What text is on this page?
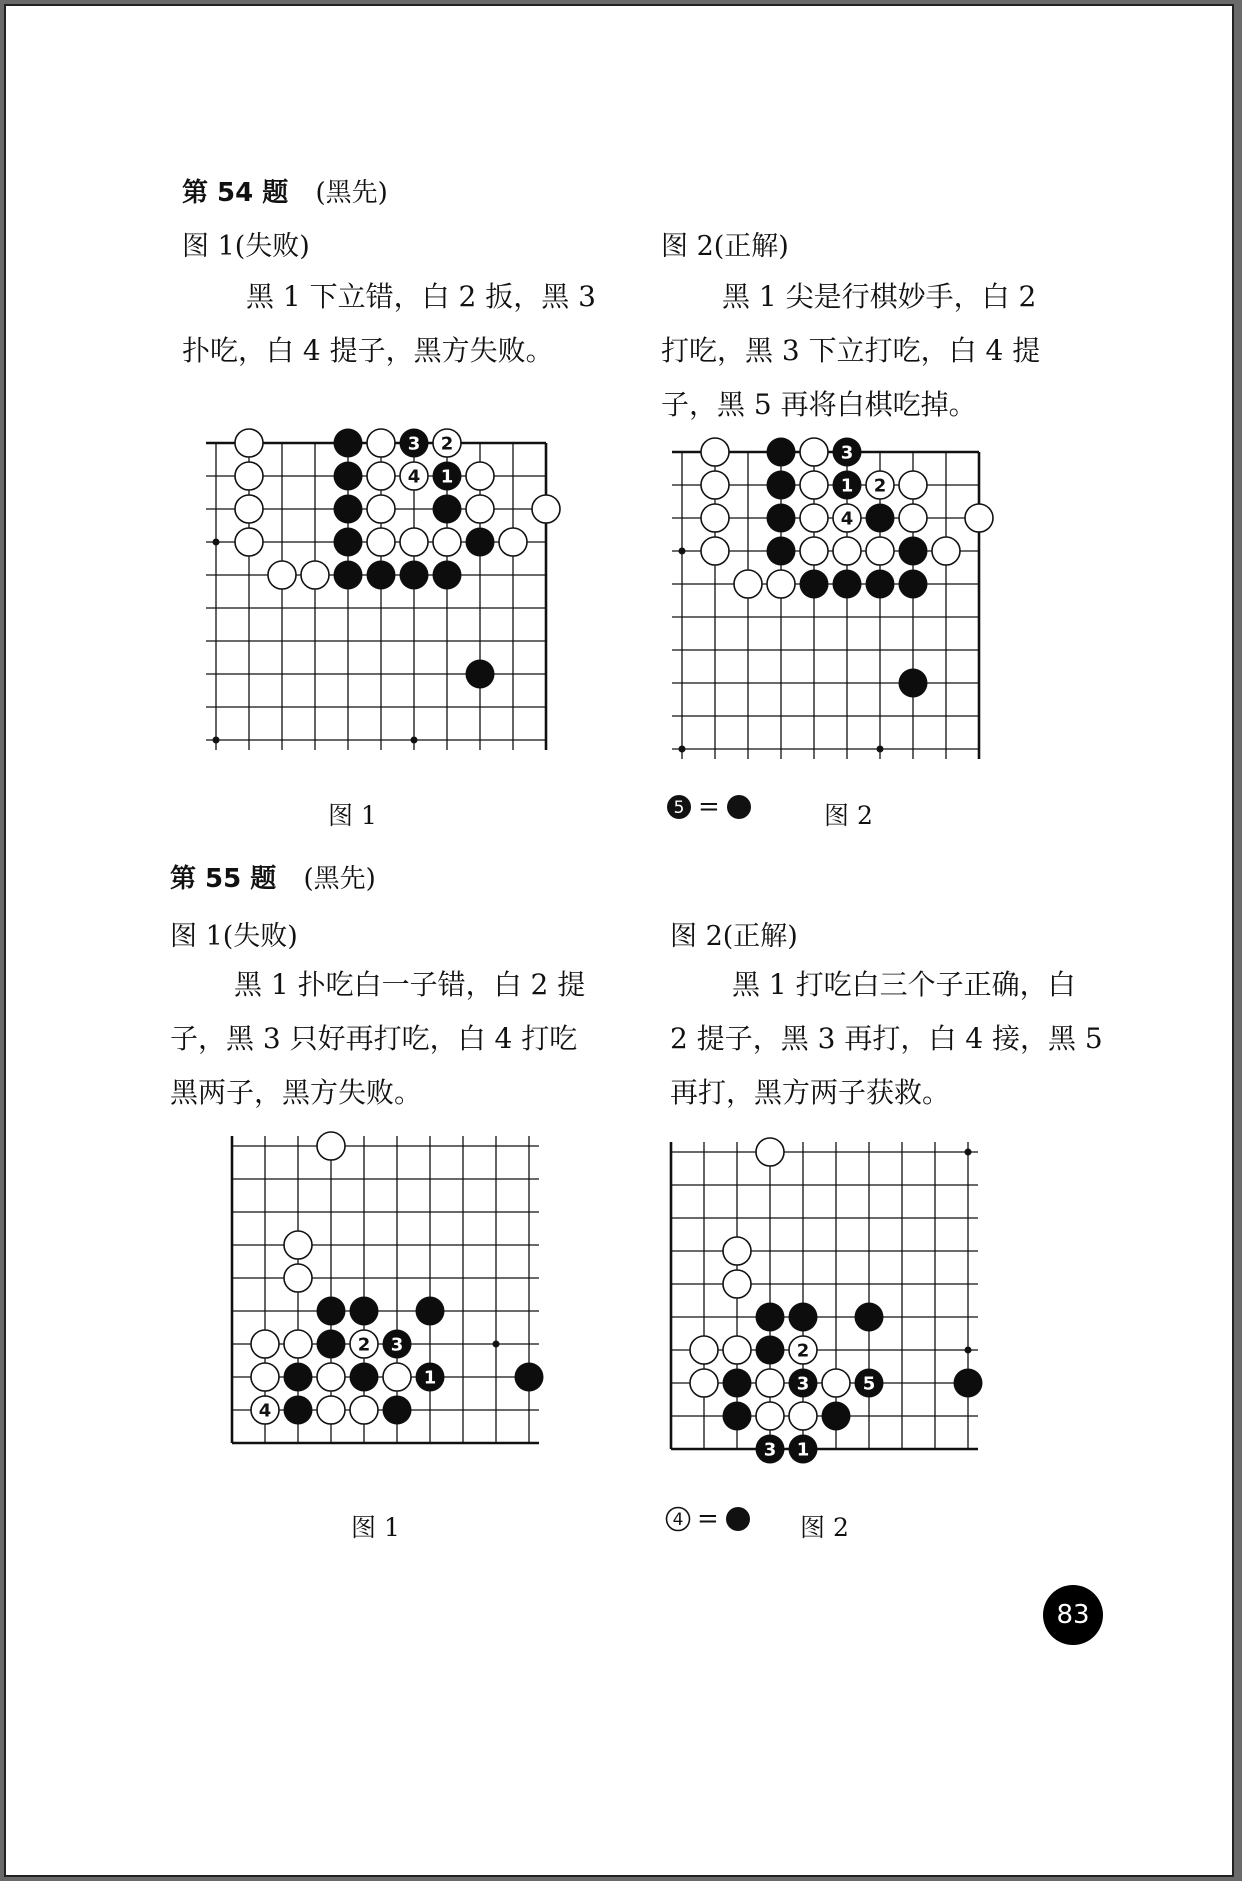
第 54 题 (黑先)
图 1(失败)	图 2(正解)
黑 1 下立错，白 2 扳，黑 3
扑吃，白 4 提子，黑方失败。
黑 1 尖是行棋妙手，白 2
打吃，黑 3 下立打吃，白 4 提
子，黑 5 再将白棋吃掉。
3 2
4 1
3
1 2
4
图 1	5 =	图 2
第 55 题 (黑先)
图 1(失败)	图 2(正解)
黑 1 扑吃白一子错，白 2 提
子，黑 3 只好再打吃，白 4 打吃
黑两子，黑方失败。
黑 1 打吃白三个子正确，白
2 提子，黑 3 再打，白 4 接，黑 5
再打，黑方两子获救。
2 3
1
4
2
3	5
3 1
图 1	4 =	图 2
83
